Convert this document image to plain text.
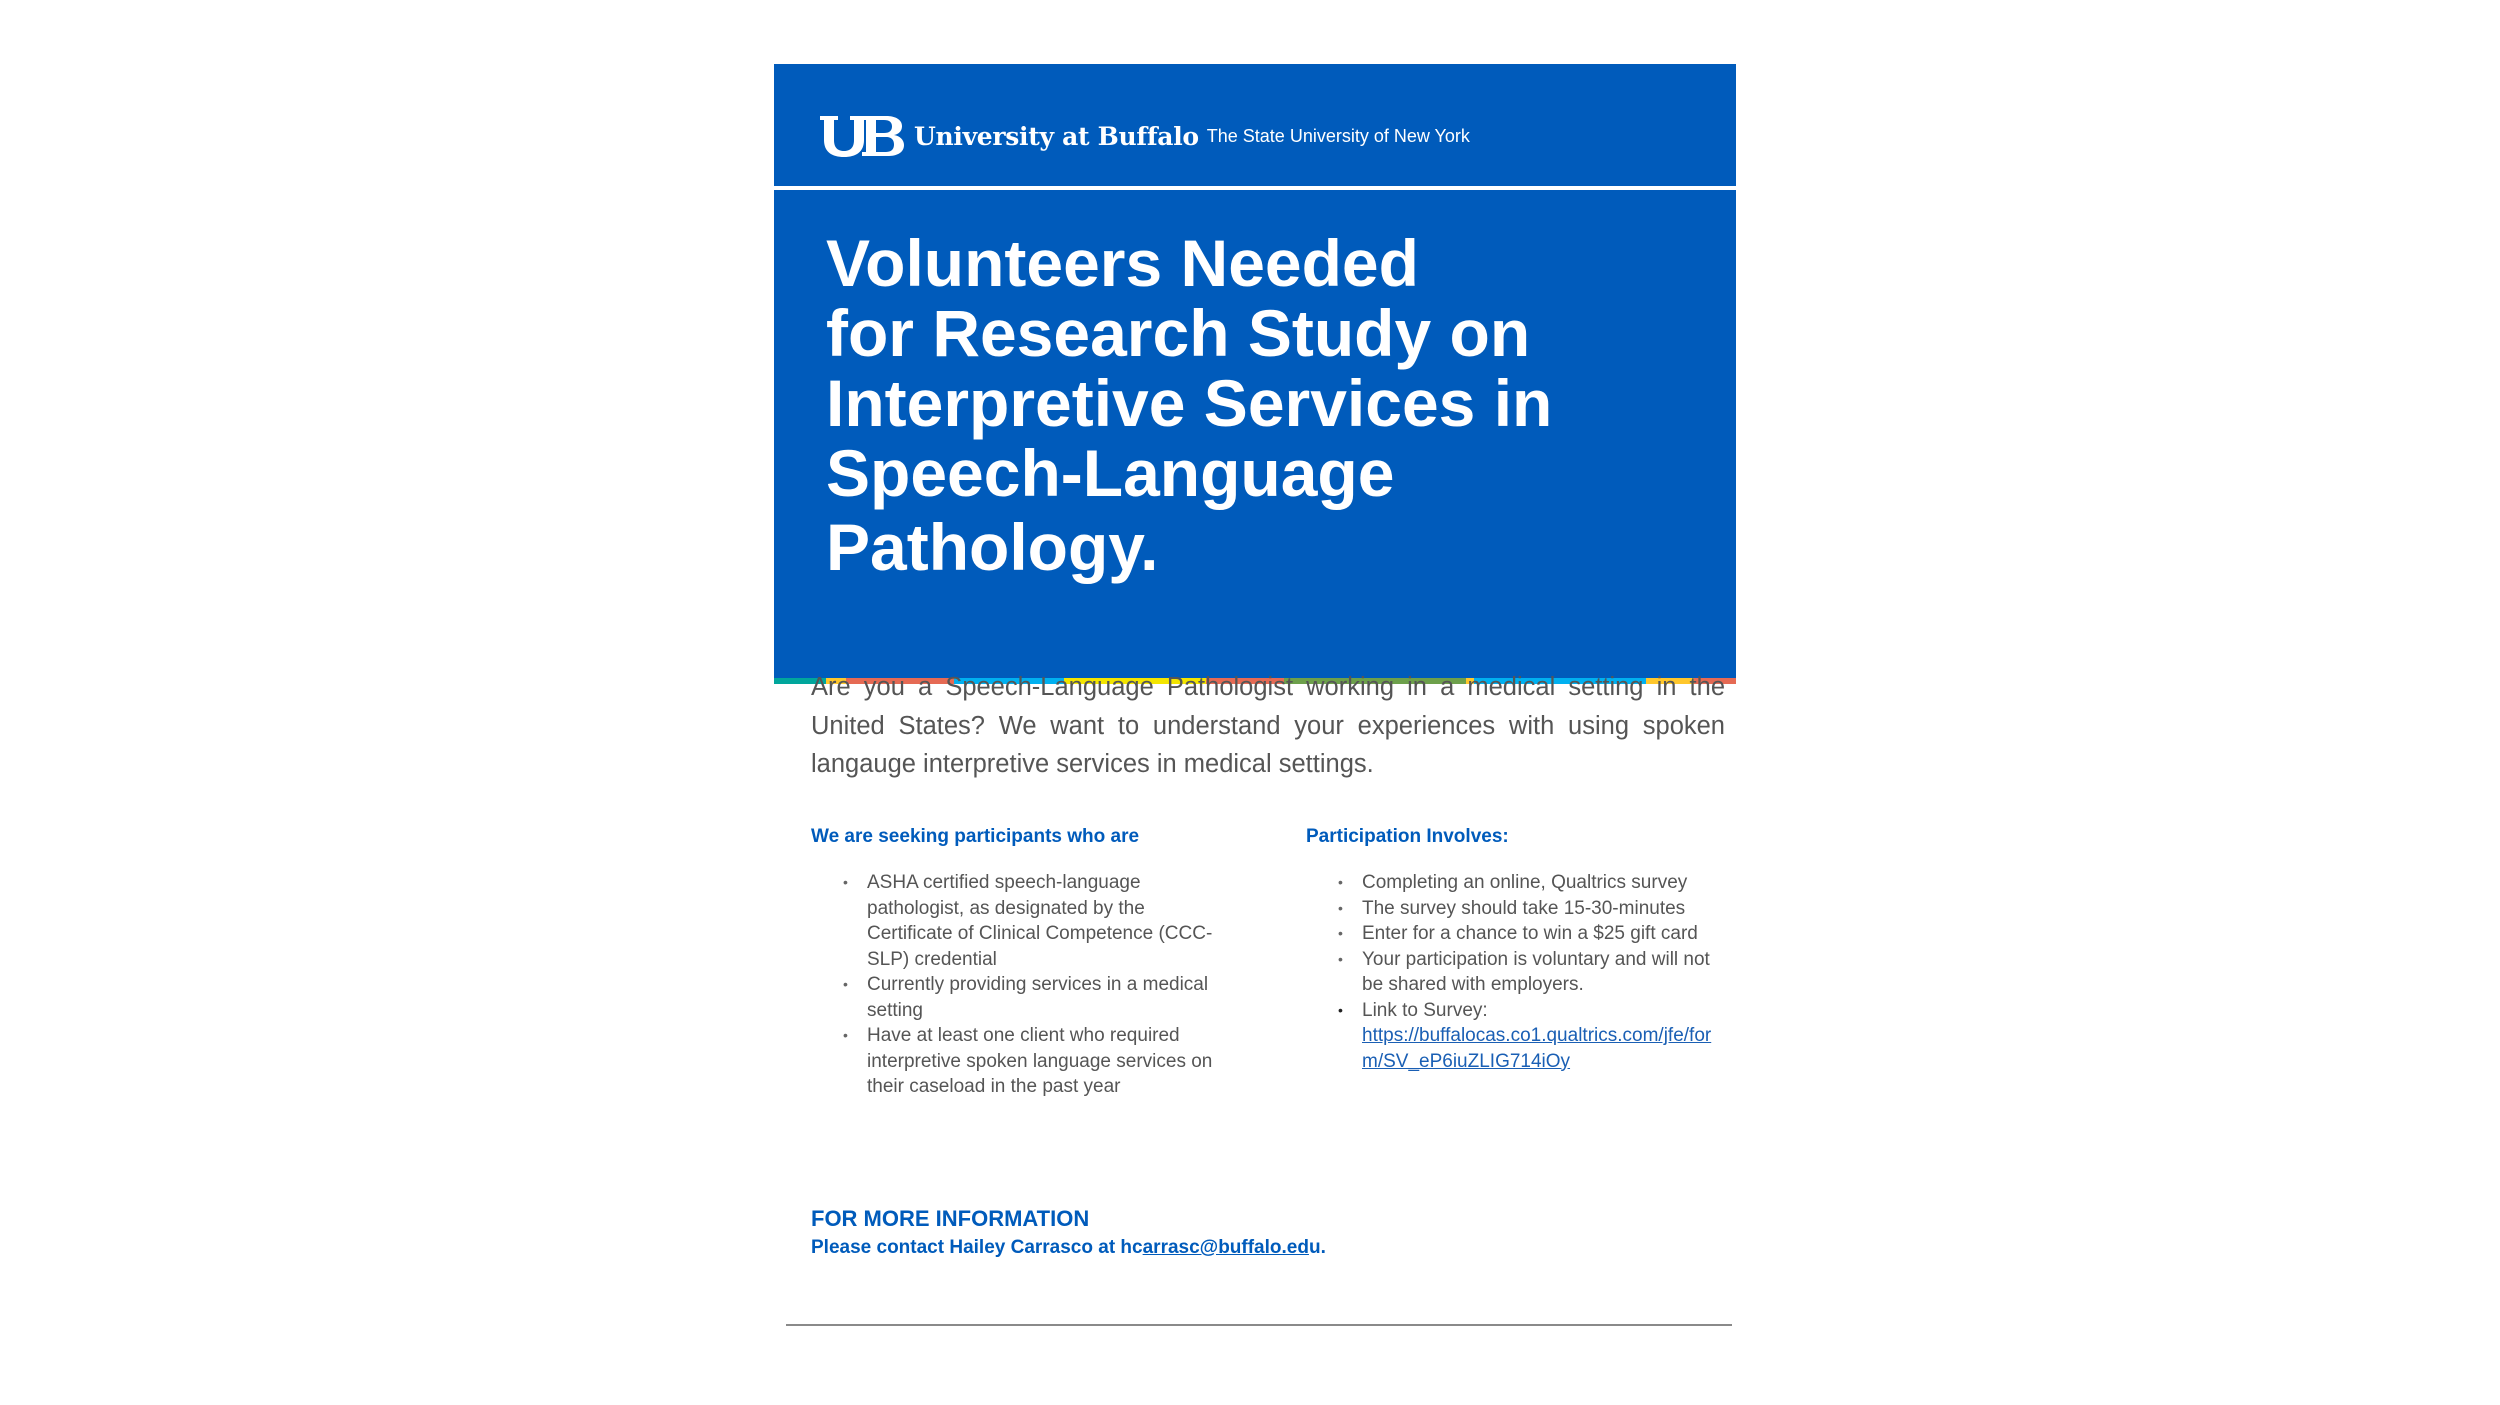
University at Buffalo The State University of New York
Volunteers Needed
for Research Study on
Interpretive Services in
Speech-Language
Pathology.

Are you a Speech-Language Pathologist working in a medical setting in the United States? We want to understand your experiences with using spoken langauge interpretive services in medical settings.

We are seeking participants who are
• ASHA certified speech-language pathologist, as designated by the Certificate of Clinical Competence (CCC-SLP) credential
• Currently providing services in a medical setting
• Have at least one client who required interpretive spoken language services on their caseload in the past year
Participation Involves:
• Completing an online, Qualtrics survey
• The survey should take 15-30-minutes
• Enter for a chance to win a $25 gift card
• Your participation is voluntary and will not be shared with employers.
• Link to Survey:
https://buffalocas.co1.qualtrics.com/jfe/form/SV_eP6iuZLIG714iOy
FOR MORE INFORMATION

Please contact Hailey Carrasco at hcarrasc@buffalo.edu.
